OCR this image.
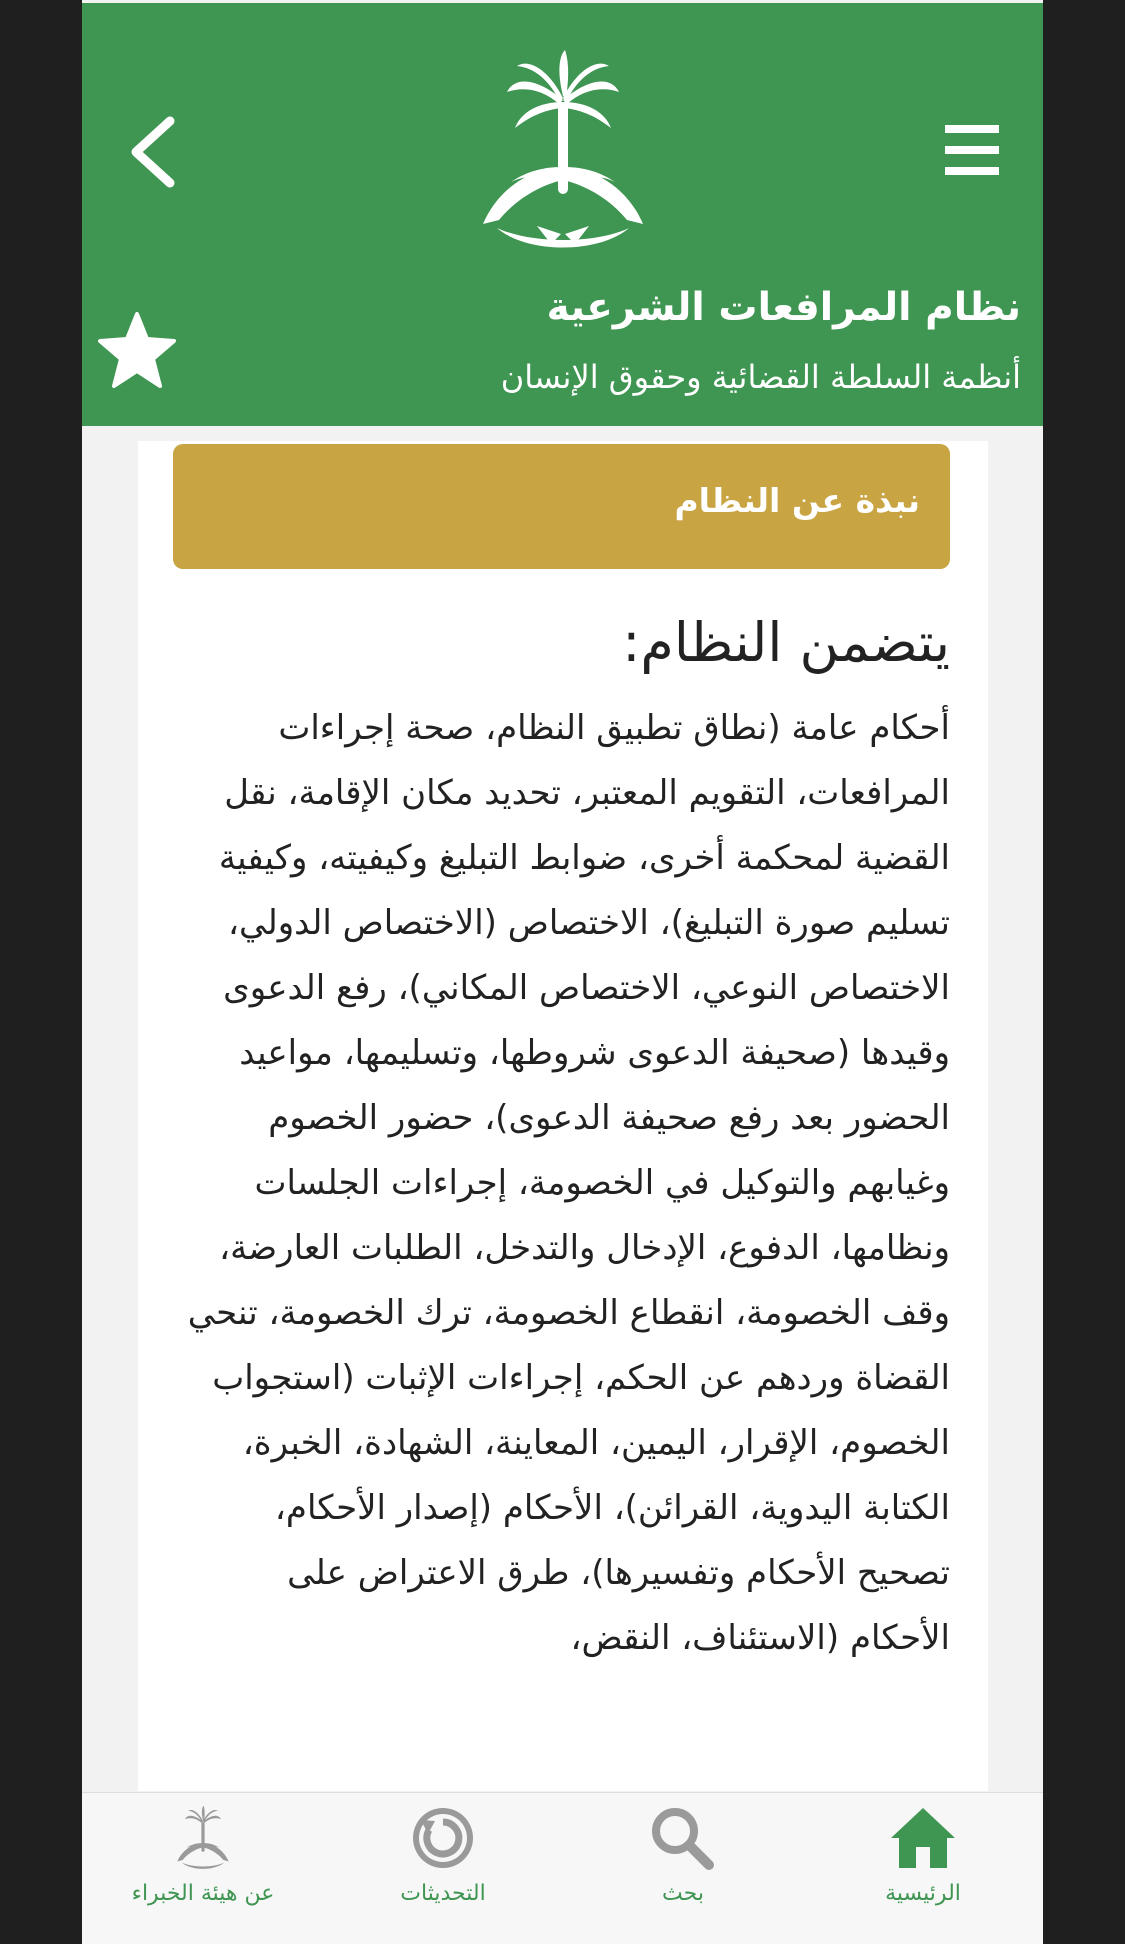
نظام المرافعات الشرعية
أنظمة السلطة القضائية وحقوق الإنسان
نبذة عن النظام
يتضمن النظام:

أحكام عامة (نطاق تطبيق النظام، صحة إجراءات المرافعات، التقويم المعتبر، تحديد مكان الإقامة، نقل القضية لمحكمة أخرى، ضوابط التبليغ وكيفيته، وكيفية تسليم صورة التبليغ)، الاختصاص (الاختصاص الدولي، الاختصاص النوعي، الاختصاص المكاني)، رفع الدعوى وقيدها (صحيفة الدعوى شروطها، وتسليمها، مواعيد الحضور بعد رفع صحيفة الدعوى)، حضور الخصوم وغيابهم والتوكيل في الخصومة، إجراءات الجلسات ونظامها، الدفوع، الإدخال والتدخل، الطلبات العارضة، وقف الخصومة، انقطاع الخصومة، ترك الخصومة، تنحي القضاة وردهم عن الحكم، إجراءات الإثبات (استجواب الخصوم، الإقرار، اليمين، المعاينة، الشهادة، الخبرة، الكتابة اليدوية، القرائن)، الأحكام (إصدار الأحكام، تصحيح الأحكام وتفسيرها)، طرق الاعتراض على الأحكام (الاستئناف، النقض،

الرئيسية
بحث
التحديثات
عن هيئة الخبراء
